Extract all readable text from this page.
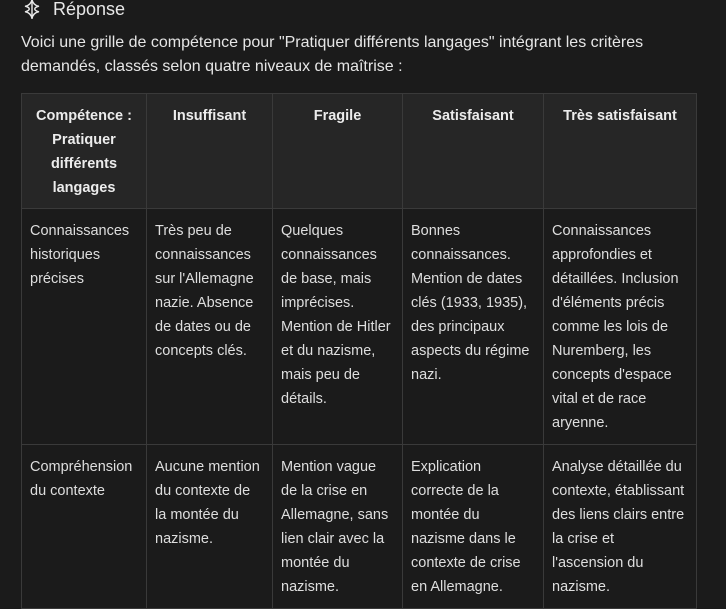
Réponse
Voici une grille de compétence pour "Pratiquer différents langages" intégrant les critères demandés, classés selon quatre niveaux de maîtrise :
Compétence : Pratiquer différents langages	Insuffisant	Fragile	Satisfaisant	Très satisfaisant
Connaissances historiques précises	Très peu de connaissances sur l'Allemagne nazie. Absence de dates ou de concepts clés.	Quelques connaissances de base, mais imprécises. Mention de Hitler et du nazisme, mais peu de détails.	Bonnes connaissances. Mention de dates clés (1933, 1935), des principaux aspects du régime nazi.	Connaissances approfondies et détaillées. Inclusion d'éléments précis comme les lois de Nuremberg, les concepts d'espace vital et de race aryenne.
Compréhension du contexte	Aucune mention du contexte de la montée du nazisme.	Mention vague de la crise en Allemagne, sans lien clair avec la montée du nazisme.	Explication correcte de la montée du nazisme dans le contexte de crise en Allemagne.	Analyse détaillée du contexte, établissant des liens clairs entre la crise et l'ascension du nazisme.
